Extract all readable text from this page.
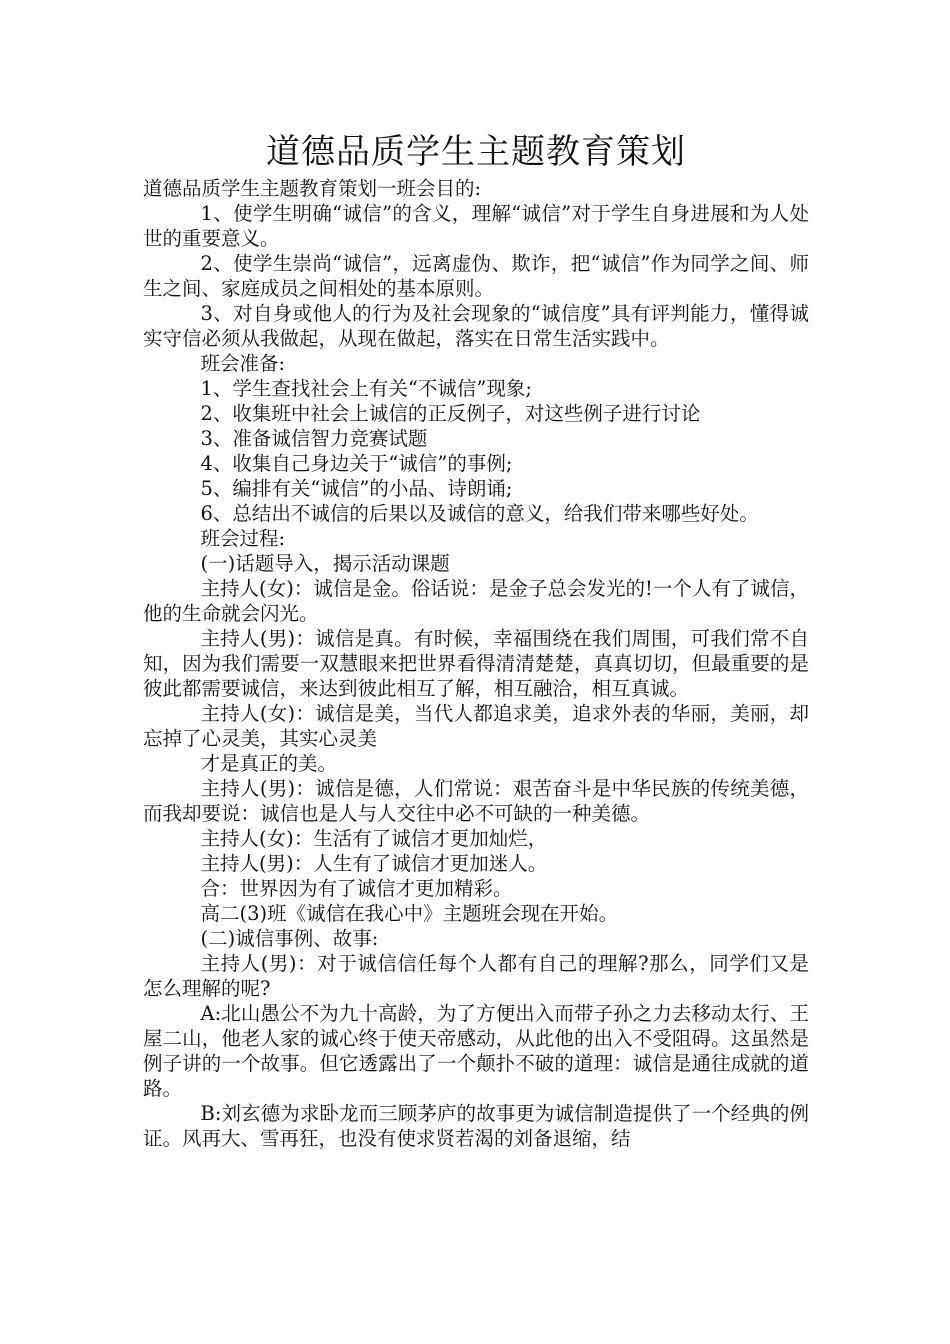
道德品质学生主题教育策划

道德品质学生主题教育策划一班会目的:

1、使学生明确“诚信”的含义，理解“诚信”对于学生自身进展和为人处世的重要意义。

2、使学生崇尚“诚信”，远离虚伪、欺诈，把“诚信”作为同学之间、师生之间、家庭成员之间相处的基本原则。

3、对自身或他人的行为及社会现象的“诚信度”具有评判能力，懂得诚实守信必须从我做起，从现在做起，落实在日常生活实践中。

班会准备:

1、学生查找社会上有关“不诚信”现象;

2、收集班中社会上诚信的正反例子，对这些例子进行讨论

3、准备诚信智力竞赛试题

4、收集自己身边关于“诚信”的事例;

5、编排有关“诚信”的小品、诗朗诵;

6、总结出不诚信的后果以及诚信的意义，给我们带来哪些好处。

班会过程:

(一)话题导入，揭示活动课题

主持人(女)：诚信是金。俗话说：是金子总会发光的!一个人有了诚信，他的生命就会闪光。

主持人(男)：诚信是真。有时候，幸福围绕在我们周围，可我们常不自知，因为我们需要一双慧眼来把世界看得清清楚楚，真真切切，但最重要的是彼此都需要诚信，来达到彼此相互了解，相互融洽，相互真诚。

主持人(女)：诚信是美，当代人都追求美，追求外表的华丽，美丽，却忘掉了心灵美，其实心灵美

才是真正的美。

主持人(男)：诚信是德，人们常说：艰苦奋斗是中华民族的传统美德，而我却要说：诚信也是人与人交往中必不可缺的一种美德。

主持人(女)：生活有了诚信才更加灿烂，

主持人(男)：人生有了诚信才更加迷人。

合：世界因为有了诚信才更加精彩。

高二(3)班《诚信在我心中》主题班会现在开始。

(二)诚信事例、故事:

主持人(男)：对于诚信信任每个人都有自己的理解?那么，同学们又是怎么理解的呢?

A:北山愚公不为九十高龄，为了方便出入而带子孙之力去移动太行、王屋二山，他老人家的诚心终于使天帝感动，从此他的出入不受阻碍。这虽然是例子讲的一个故事。但它透露出了一个颠扑不破的道理：诚信是通往成就的道路。

B:刘玄德为求卧龙而三顾茅庐的故事更为诚信制造提供了一个经典的例证。风再大、雪再狂，也没有使求贤若渴的刘备退缩，结
